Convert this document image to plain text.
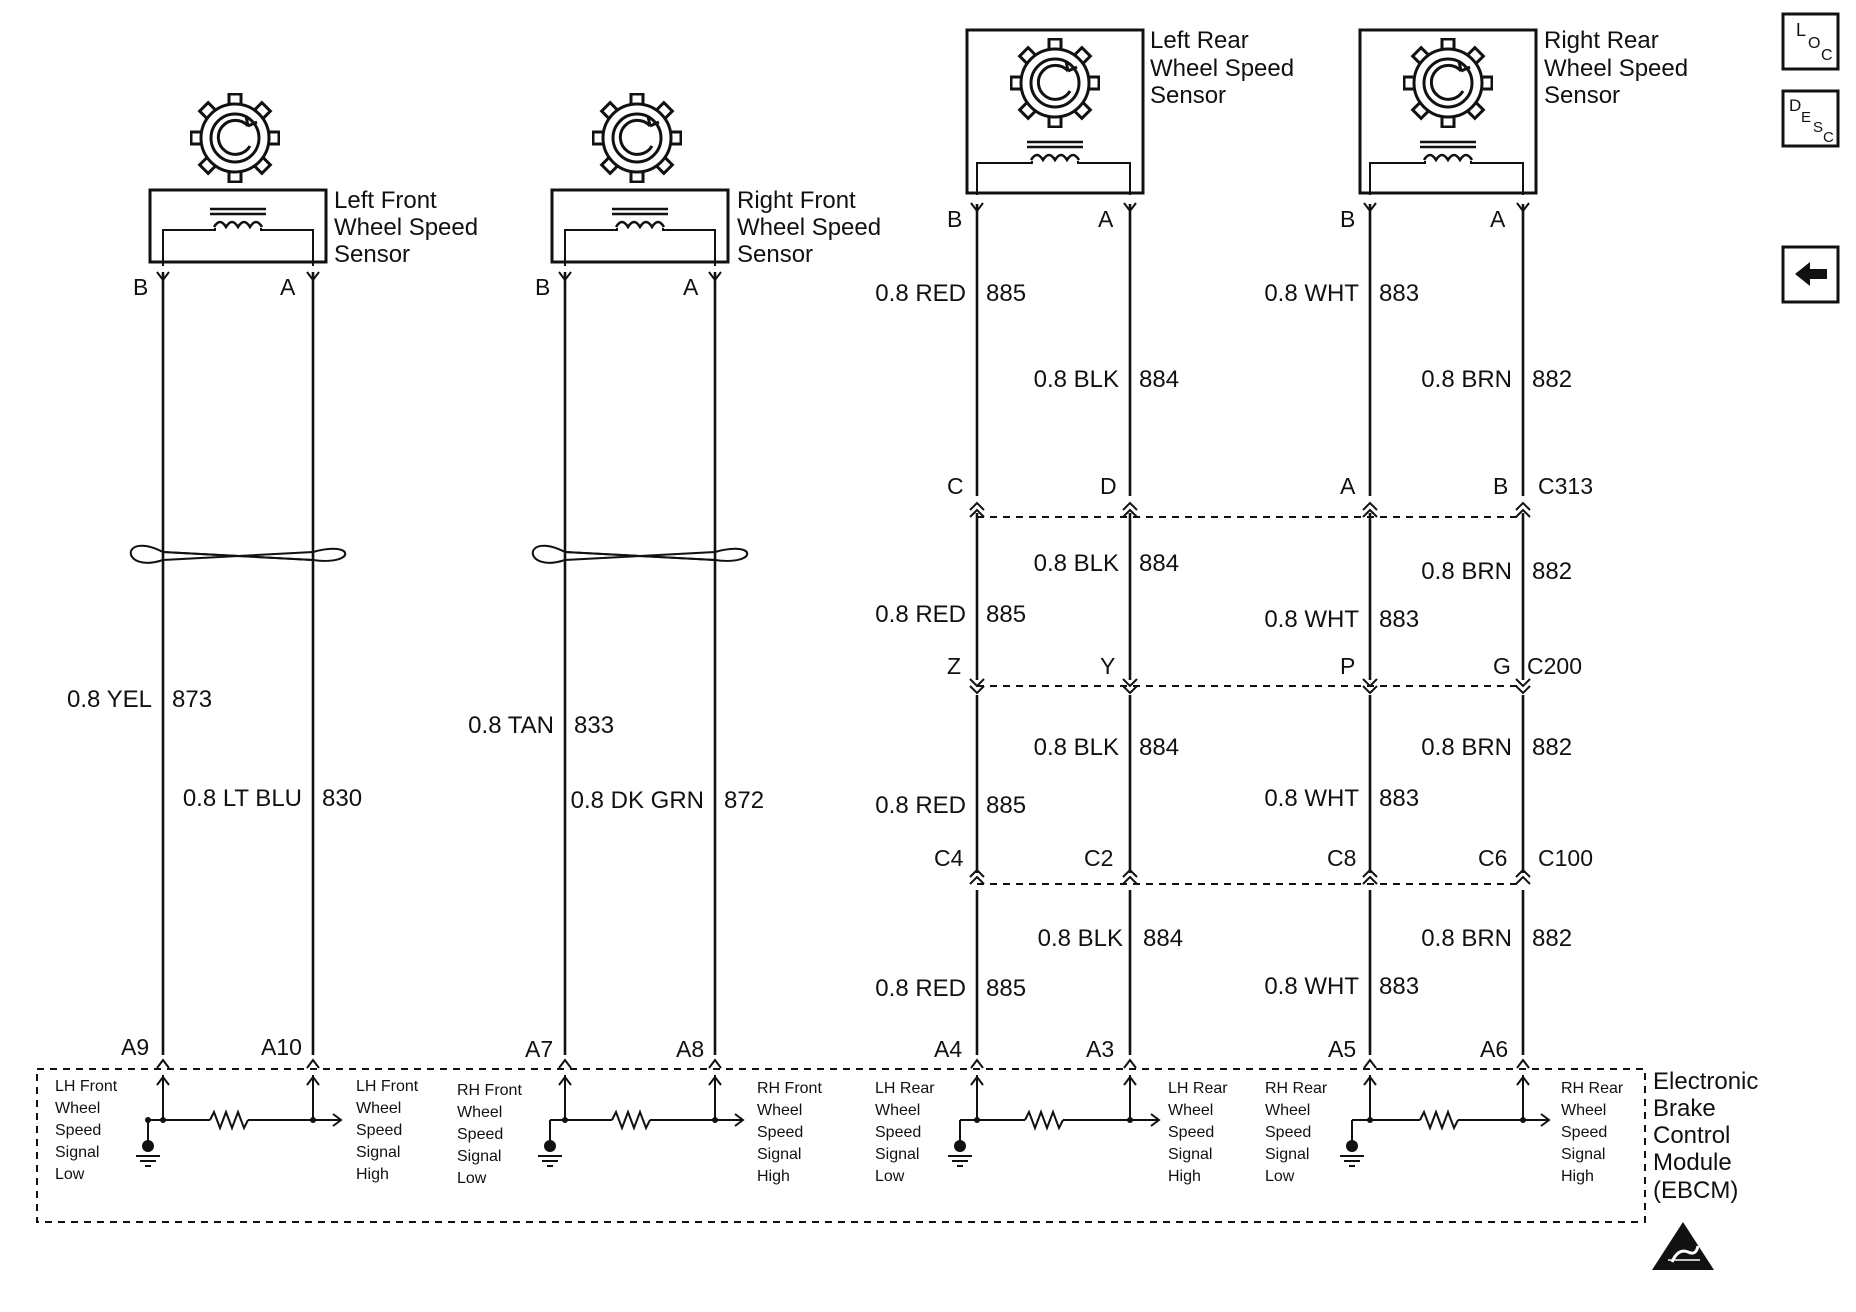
Left Front
Wheel Speed
Sensor
B	A
Right Front
Wheel Speed
Sensor
B	A
Left Rear
Wheel Speed
Sensor
B	A
Right Rear
Wheel Speed
Sensor
B	A
0.8 YEL 873
0.8 LT BLU 830
0.8 TAN 833
0.8 DK GRN 872
0.8 RED 885
0.8 BLK 884
0.8 WHT 883
0.8 BRN 882
0.8 BLK 884	0.8 BRN 882
0.8 RED 885	0.8 WHT 883
0.8 BLK 884	0.8 BRN 882
0.8 RED 885	0.8 WHT 883
0.8 BLK 884	0.8 BRN 882
0.8 RED 885	0.8 WHT 883
C	D	A	B C313
Z	Y	P	G C200
C4	C2	C8	C6 C100
A9	A10	A7	A8	A4	A3	A5	A6
LH Front
Wheel
Speed
Signal
Low
LH Front
Wheel
Speed
Signal
High
RH Front
Wheel
Speed
Signal
Low
RH Front
Wheel
Speed
Signal
High
LH Rear
Wheel
Speed
Signal
Low
LH Rear
Wheel
Speed
Signal
High
RH Rear
Wheel
Speed
Signal
Low
RH Rear
Wheel
Speed
Signal
High
Electronic
Brake
Control
Module
(EBCM)
L
O
C
D
E
S
C
